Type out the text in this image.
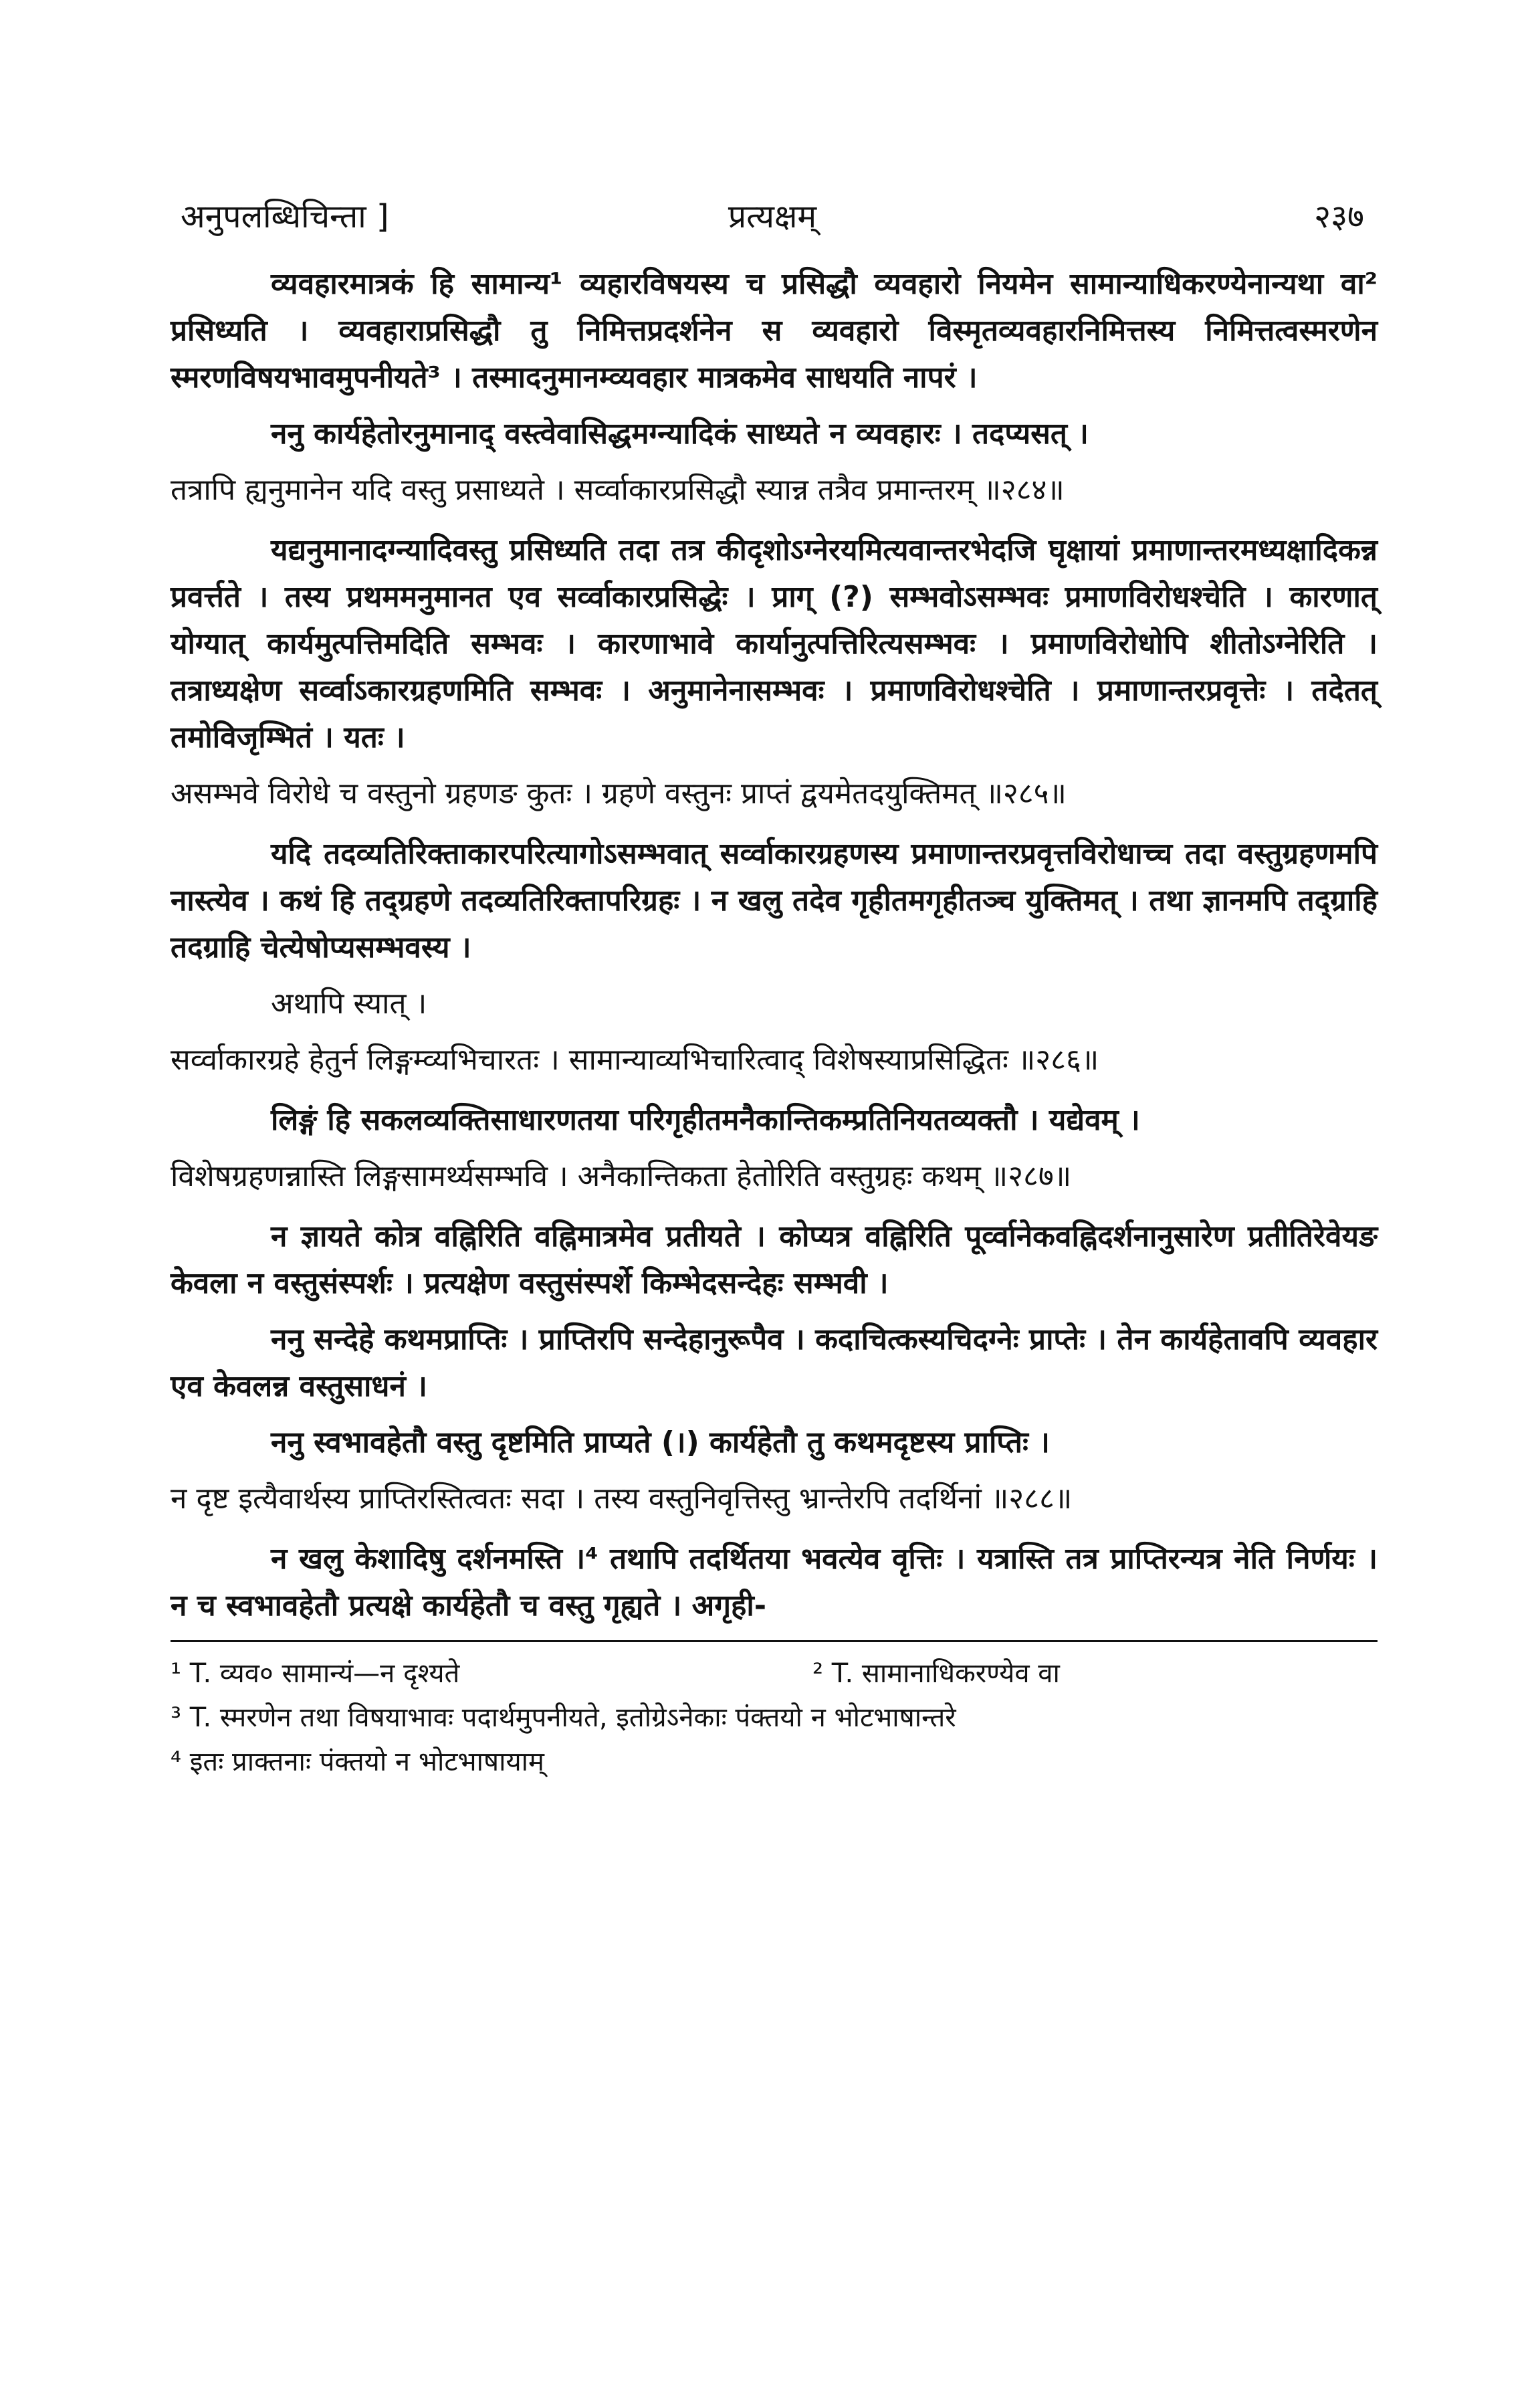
अनुपलब्धिचिन्ता ]	प्रत्यक्षम्	२३७

व्यवहारमात्रकं हि सामान्य¹ व्यहारविषयस्य च प्रसिद्धौ व्यवहारो नियमेन सामान्याधिकरण्येनान्यथा वा² प्रसिध्यति । व्यवहाराप्रसिद्धौ तु निमित्तप्रदर्शनेन स व्यवहारो विस्मृतव्यवहारनिमित्तस्य निमित्तत्वस्मरणेन स्मरणविषयभावमुपनीयते³ । तस्मादनुमानम्व्यवहार मात्रकमेव साधयति नापरं ।

ननु कार्यहेतोरनुमानाद् वस्त्वेवासिद्धमग्न्यादिकं साध्यते न व्यवहारः । तदप्यसत् ।

तत्रापि ह्यनुमानेन यदि वस्तु प्रसाध्यते । सर्व्वाकारप्रसिद्धौ स्यान्न तत्रैव प्रमान्तरम् ॥२८४॥

यद्यनुमानादग्न्यादिवस्तु प्रसिध्यति तदा तत्र कीदृशोऽग्नेरयमित्यवान्तरभेदजि घृक्षायां प्रमाणान्तरमध्यक्षादिकन्न प्रवर्त्तते । तस्य प्रथममनुमानत एव सर्व्वाकारप्रसिद्धेः । प्राग् (?) सम्भवोऽसम्भवः प्रमाणविरोधश्चेति । कारणात् योग्यात् कार्यमुत्पत्तिमदिति सम्भवः । कारणाभावे कार्यानुत्पत्तिरित्यसम्भवः । प्रमाणविरोधोपि शीतोऽग्नेरिति । तत्राध्यक्षेण सर्व्वाऽकारग्रहणमिति सम्भवः । अनुमानेनासम्भवः । प्रमाणविरोधश्चेति । प्रमाणान्तरप्रवृत्तेः । तदेतत् तमोविजृम्भितं । यतः ।

असम्भवे विरोधे च वस्तुनो ग्रहणङ कुतः । ग्रहणे वस्तुनः प्राप्तं द्वयमेतदयुक्तिमत् ॥२८५॥

यदि तदव्यतिरिक्ताकारपरित्यागोऽसम्भवात् सर्व्वाकारग्रहणस्य प्रमाणान्तरप्रवृत्तविरोधाच्च तदा वस्तुग्रहणमपि नास्त्येव । कथं हि तद्ग्रहणे तदव्यतिरिक्तापरिग्रहः । न खलु तदेव गृहीतमगृहीतञ्च युक्तिमत् । तथा ज्ञानमपि तद्ग्राहि तदग्राहि चेत्येषोप्यसम्भवस्य ।

अथापि स्यात् ।

सर्व्वाकारग्रहे हेतुर्न लिङ्गम्व्यभिचारतः । सामान्याव्यभिचारित्वाद् विशेषस्याप्रसिद्धितः ॥२८६॥

लिङ्गं हि सकलव्यक्तिसाधारणतया परिगृहीतमनैकान्तिकम्प्रतिनियतव्यक्तौ । यद्येवम् ।

विशेषग्रहणन्नास्ति लिङ्गसामर्थ्यसम्भवि । अनैकान्तिकता हेतोरिति वस्तुग्रहः कथम् ॥२८७॥

न ज्ञायते कोत्र वह्निरिति वह्निमात्रमेव प्रतीयते । कोप्यत्र वह्निरिति पूर्व्वानेकवह्निदर्शनानुसारेण प्रतीतिरेवेयङ केवला न वस्तुसंस्पर्शः । प्रत्यक्षेण वस्तुसंस्पर्शे किम्भेदसन्देहः सम्भवी ।

ननु सन्देहे कथमप्राप्तिः । प्राप्तिरपि सन्देहानुरूपैव । कदाचित्कस्यचिदग्नेः प्राप्तेः । तेन कार्यहेतावपि व्यवहार एव केवलन्न वस्तुसाधनं ।

ननु स्वभावहेतौ वस्तु दृष्टमिति प्राप्यते (।) कार्यहेतौ तु कथमदृष्टस्य प्राप्तिः ।

न दृष्ट इत्यैवार्थस्य प्राप्तिरस्तित्वतः सदा । तस्य वस्तुनिवृत्तिस्तु भ्रान्तेरपि तदर्थिनां ॥२८८॥

न खलु केशादिषु दर्शनमस्ति ।⁴ तथापि तदर्थितया भवत्येव वृत्तिः । यत्रास्ति तत्र प्राप्तिरन्यत्र नेति निर्णयः । न च स्वभावहेतौ प्रत्यक्षे कार्यहेतौ च वस्तु गृह्यते । अगृही-

¹ T. व्यव० सामान्यं—न दृश्यते	² T. सामानाधिकरण्येव वा

³ T. स्मरणेन तथा विषयाभावः पदार्थमुपनीयते, इतोग्रेऽनेकाः पंक्तयो न भोटभाषान्तरे

⁴ इतः प्राक्तनाः पंक्तयो न भोटभाषायाम्
